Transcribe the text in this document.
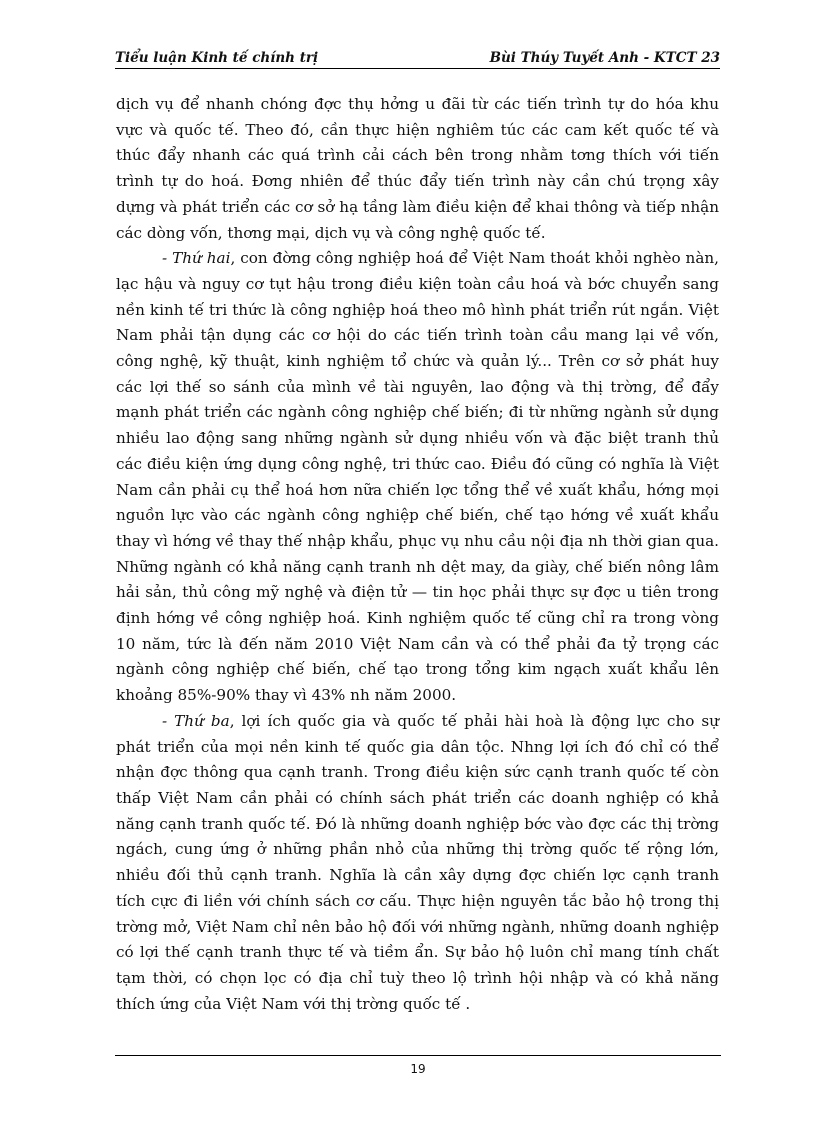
Tiểu luận Kinh tế chính trị	Bùi Thúy Tuyết Anh - KTCT 23

dịch vụ để nhanh chóng đợc thụ hởng u đãi từ các tiến trình tự do hóa khu vực và quốc tế. Theo đó, cần thực hiện nghiêm túc các cam kết quốc tế và thúc đẩy nhanh các quá trình cải cách bên trong nhằm tơng thích với tiến trình tự do hoá. Đơng nhiên để thúc đẩy tiến trình này cần chú trọng xây dựng và phát triển các cơ sở hạ tầng làm điều kiện để khai thông và tiếp nhận các dòng vốn, thơng mại, dịch vụ và công nghệ quốc tế.

- Thứ hai, con đờng công nghiệp hoá để Việt Nam thoát khỏi nghèo nàn, lạc hậu và nguy cơ tụt hậu trong điều kiện toàn cầu hoá và bớc chuyển sang nền kinh tế tri thức là công nghiệp hoá theo mô hình phát triển rút ngắn. Việt Nam phải tận dụng các cơ hội do các tiến trình toàn cầu mang lại về vốn, công nghệ, kỹ thuật, kinh nghiệm tổ chức và quản lý... Trên cơ sở phát huy các lợi thế so sánh của mình về tài nguyên, lao động và thị trờng, để đẩy mạnh phát triển các ngành công nghiệp chế biến; đi từ những ngành sử dụng nhiều lao động sang những ngành sử dụng nhiều vốn và đặc biệt tranh thủ các điều kiện ứng dụng công nghệ, tri thức cao. Điều đó cũng có nghĩa là Việt Nam cần phải cụ thể hoá hơn nữa chiến lợc tổng thể về xuất khẩu, hớng mọi nguồn lực vào các ngành công nghiệp chế biến, chế tạo hớng về xuất khẩu thay vì hớng về thay thế nhập khẩu, phục vụ nhu cầu nội địa nh thời gian qua. Những ngành có khả năng cạnh tranh nh dệt may, da giày, chế biến nông lâm hải sản, thủ công mỹ nghệ và điện tử — tin học phải thực sự đợc u tiên trong định hớng về công nghiệp hoá. Kinh nghiệm quốc tế cũng chỉ ra trong vòng 10 năm, tức là đến năm 2010 Việt Nam cần và có thể phải đa tỷ trọng các ngành công nghiệp chế biến, chế tạo trong tổng kim ngạch xuất khẩu lên khoảng 85%-90% thay vì 43% nh năm 2000.

- Thứ ba, lợi ích quốc gia và quốc tế phải hài hoà là động lực cho sự phát triển của mọi nền kinh tế quốc gia dân tộc. Nhng lợi ích đó chỉ có thể nhận đợc thông qua cạnh tranh. Trong điều kiện sức cạnh tranh quốc tế còn thấp Việt Nam cần phải có chính sách phát triển các doanh nghiệp có khả năng cạnh tranh quốc tế. Đó là những doanh nghiệp bớc vào đợc các thị trờng ngách, cung ứng ở những phần nhỏ của những thị trờng quốc tế rộng lớn, nhiều đối thủ cạnh tranh. Nghĩa là cần xây dựng đợc chiến lợc cạnh tranh tích cực đi liền với chính sách cơ cấu. Thực hiện nguyên tắc bảo hộ trong thị trờng mở, Việt Nam chỉ nên bảo hộ đối với những ngành, những doanh nghiệp có lợi thế cạnh tranh thực tế và tiềm ẩn. Sự bảo hộ luôn chỉ mang tính chất tạm thời, có chọn lọc có địa chỉ tuỳ theo lộ trình hội nhập và có khả năng thích ứng của Việt Nam với thị trờng quốc tế .

19
